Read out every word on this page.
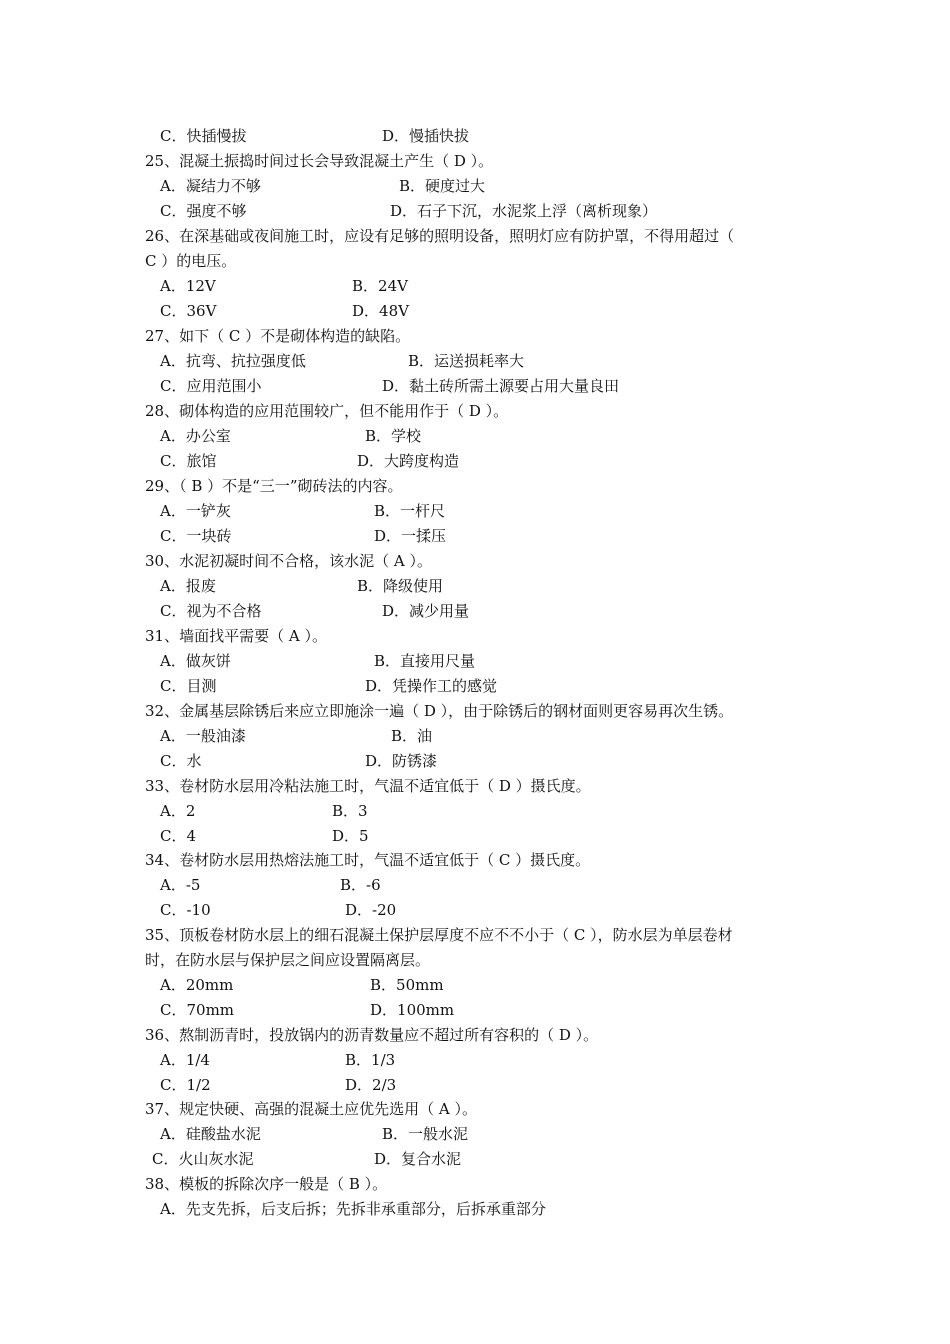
C．快插慢拔	D．慢插快拔
25、混凝土振捣时间过长会导致混凝土产生（ D ）。
A．凝结力不够	B．硬度过大
C．强度不够	D．石子下沉，水泥浆上浮（离析现象）
26、在深基础或夜间施工时，应设有足够的照明设备，照明灯应有防护罩，不得用超过（
C ）的电压。
A．12V	B．24V
C．36V	D．48V
27、如下（ C ）不是砌体构造的缺陷。
A．抗弯、抗拉强度低	B．运送损耗率大
C．应用范围小	D．黏土砖所需土源要占用大量良田
28、砌体构造的应用范围较广，但不能用作于（ D ）。
A．办公室	B．学校
C．旅馆	D．大跨度构造
29、（ B ）不是“三一”砌砖法的内容。
A．一铲灰	B．一杆尺
C．一块砖	D．一揉压
30、水泥初凝时间不合格，该水泥（ A ）。
A．报废	B．降级使用
C．视为不合格	D．减少用量
31、墙面找平需要（ A ）。
A．做灰饼	B．直接用尺量
C．目测	D．凭操作工的感觉
32、金属基层除锈后来应立即施涂一遍（ D ），由于除锈后的钢材面则更容易再次生锈。
A．一般油漆	B．油
C．水	D．防锈漆
33、卷材防水层用冷粘法施工时，气温不适宜低于（ D ）摄氏度。
A．2	B．3
C．4	D．5
34、卷材防水层用热熔法施工时，气温不适宜低于（ C ）摄氏度。
A．-5	B．-6
C．-10	D．-20
35、顶板卷材防水层上的细石混凝土保护层厚度不应不不小于（ C ），防水层为单层卷材
时，在防水层与保护层之间应设置隔离层。
A．20mm	B．50mm
C．70mm	D．100mm
36、熬制沥青时，投放锅内的沥青数量应不超过所有容积的（ D ）。
A．1/4	B．1/3
C．1/2	D．2/3
37、规定快硬、高强的混凝土应优先选用（ A ）。
A．硅酸盐水泥	B．一般水泥
C．火山灰水泥	D．复合水泥
38、模板的拆除次序一般是（ B ）。
A．先支先拆，后支后拆；先拆非承重部分，后拆承重部分
